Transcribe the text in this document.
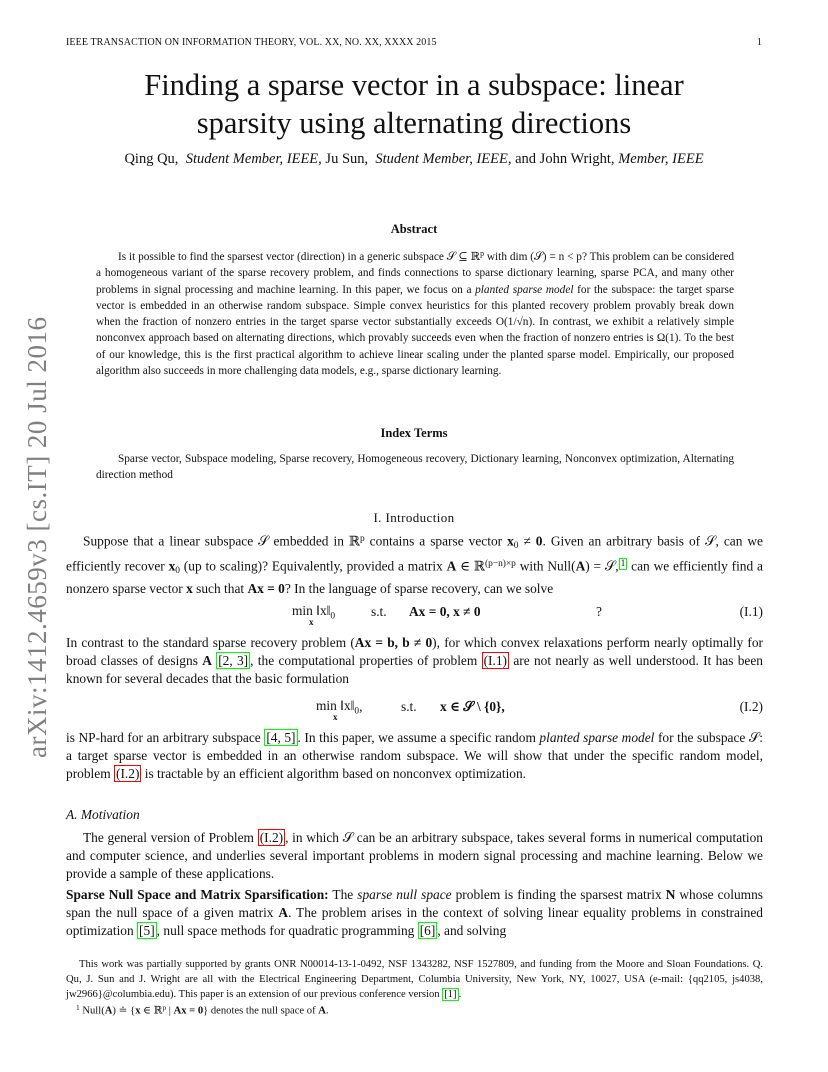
IEEE TRANSACTION ON INFORMATION THEORY, VOL. XX, NO. XX, XXXX 2015	1
arXiv:1412.4659v3 [cs.IT] 20 Jul 2016
Finding a sparse vector in a subspace: linear
sparsity using alternating directions
Qing Qu, Student Member, IEEE, Ju Sun, Student Member, IEEE, and John Wright, Member, IEEE
Abstract
Is it possible to find the sparsest vector (direction) in a generic subspace 𝒮 ⊆ ℝ$^p$ with dim (𝒮) = n < p? This problem can be considered a homogeneous variant of the sparse recovery problem, and finds connections to sparse dictionary learning, sparse PCA, and many other problems in signal processing and machine learning. In this paper, we focus on a planted sparse model for the subspace: the target sparse vector is embedded in an otherwise random subspace. Simple convex heuristics for this planted recovery problem provably break down when the fraction of nonzero entries in the target sparse vector substantially exceeds O(1/√n). In contrast, we exhibit a relatively simple nonconvex approach based on alternating directions, which provably succeeds even when the fraction of nonzero entries is Ω(1). To the best of our knowledge, this is the first practical algorithm to achieve linear scaling under the planted sparse model. Empirically, our proposed algorithm also succeeds in more challenging data models, e.g., sparse dictionary learning.
Index Terms
Sparse vector, Subspace modeling, Sparse recovery, Homogeneous recovery, Dictionary learning, Nonconvex optimization, Alternating direction method
I. Introduction
Suppose that a linear subspace 𝒮 embedded in ℝ$^p$ contains a sparse vector $x_0 \ne 0$. Given an arbitrary basis of 𝒮, can we efficiently recover $x_0$ (up to scaling)? Equivalently, provided a matrix A ∈ ℝ$^{(p-n)\times p}$ with Null(A) = 𝒮, $^1$ can we efficiently find a nonzero sparse vector x such that Ax = 0? In the language of sparse recovery, can we solve
min ‖x‖
x
$_0$	s.t. Ax = 0, x ≠ 0	?	(I.1)
In contrast to the standard sparse recovery problem (Ax = b, b ≠ 0), for which convex relaxations perform nearly optimally for broad classes of designs A [2, 3] , the computational properties of problem (I.1) are not nearly as well understood. It has been known for several decades that the basic formulation
min ‖x‖
x
$_0$,	s.t. x ∈ 𝒮 \ {0},	(I.2)
is NP-hard for an arbitrary subspace [4, 5] . In this paper, we assume a specific random planted sparse model for the subspace 𝒮: a target sparse vector is embedded in an otherwise random subspace. We will show that under the specific random model, problem (I.2) is tractable by an efficient algorithm based on nonconvex optimization.
A. Motivation
The general version of Problem (I.2) , in which 𝒮 can be an arbitrary subspace, takes several forms in numerical computation and computer science, and underlies several important problems in modern signal processing and machine learning. Below we provide a sample of these applications.
Sparse Null Space and Matrix Sparsification: The sparse null space problem is finding the sparsest matrix N whose columns span the null space of a given matrix A. The problem arises in the context of solving linear equality problems in constrained optimization [5] , null space methods for quadratic programming [6] , and solving
This work was partially supported by grants ONR N00014-13-1-0492, NSF 1343282, NSF 1527809, and funding from the Moore and Sloan Foundations. Q. Qu, J. Sun and J. Wright are all with the Electrical Engineering Department, Columbia University, New York, NY, 10027, USA (e-mail: {qq2105, js4038, jw2966}@columbia.edu). This paper is an extension of our previous conference version [1] .
$^1$ Null(A) ≐ {x ∈ ℝ$^p$ | Ax = 0} denotes the null space of A.
